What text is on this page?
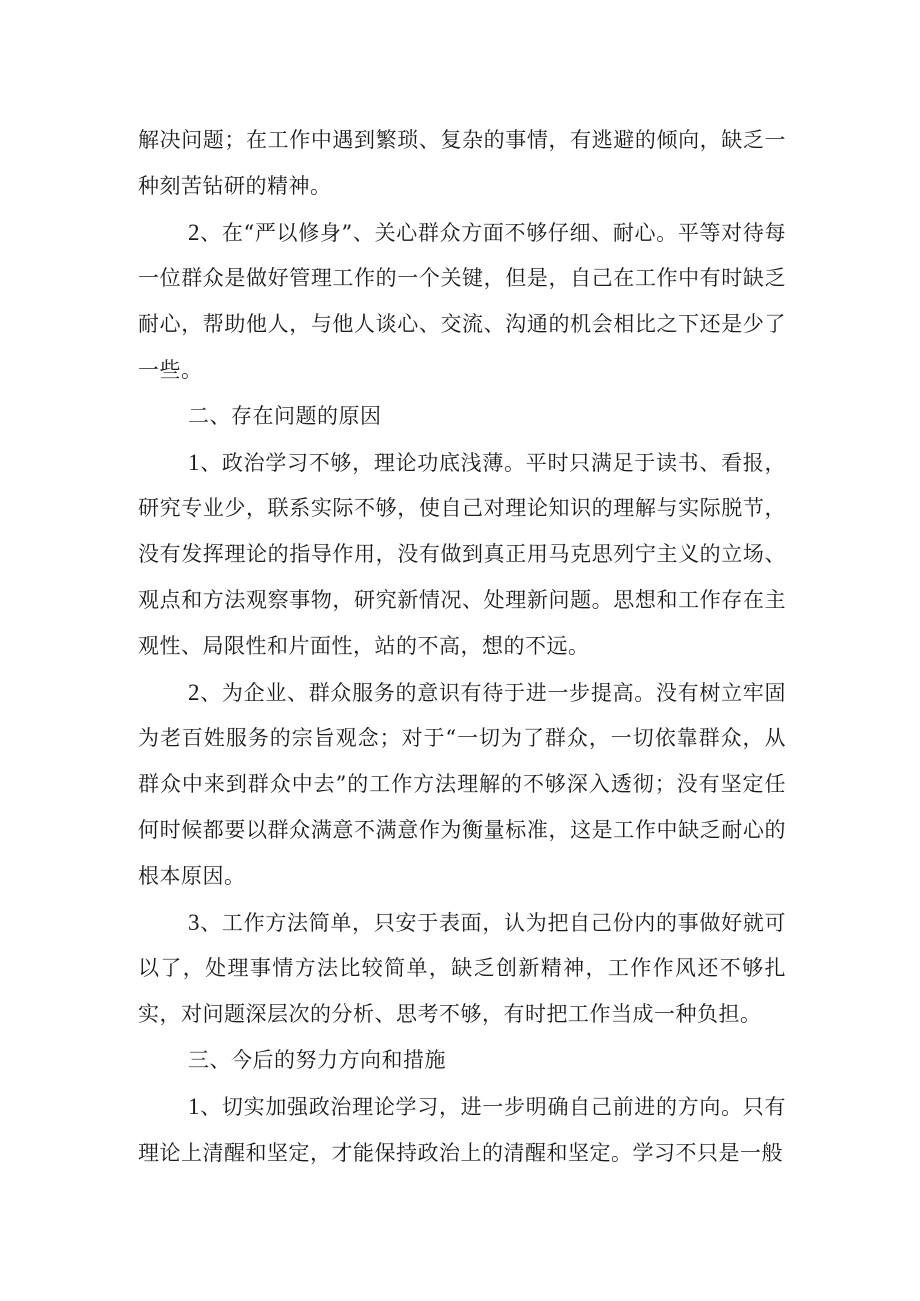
解决问题；在工作中遇到繁琐、复杂的事情，有逃避的倾向，缺乏一种刻苦钻研的精神。

2、在“严以修身”、关心群众方面不够仔细、耐心。平等对待每一位群众是做好管理工作的一个关键，但是，自己在工作中有时缺乏耐心，帮助他人，与他人谈心、交流、沟通的机会相比之下还是少了一些。

二、存在问题的原因

1、政治学习不够，理论功底浅薄。平时只满足于读书、看报，研究专业少，联系实际不够，使自己对理论知识的理解与实际脱节，没有发挥理论的指导作用，没有做到真正用马克思列宁主义的立场、观点和方法观察事物，研究新情况、处理新问题。思想和工作存在主观性、局限性和片面性，站的不高，想的不远。

2、为企业、群众服务的意识有待于进一步提高。没有树立牢固为老百姓服务的宗旨观念；对于“一切为了群众，一切依靠群众，从群众中来到群众中去”的工作方法理解的不够深入透彻；没有坚定任何时候都要以群众满意不满意作为衡量标准，这是工作中缺乏耐心的根本原因。

3、工作方法简单，只安于表面，认为把自己份内的事做好就可以了，处理事情方法比较简单，缺乏创新精神，工作作风还不够扎实，对问题深层次的分析、思考不够，有时把工作当成一种负担。

三、今后的努力方向和措施

1、切实加强政治理论学习，进一步明确自己前进的方向。只有理论上清醒和坚定，才能保持政治上的清醒和坚定。学习不只是一般
